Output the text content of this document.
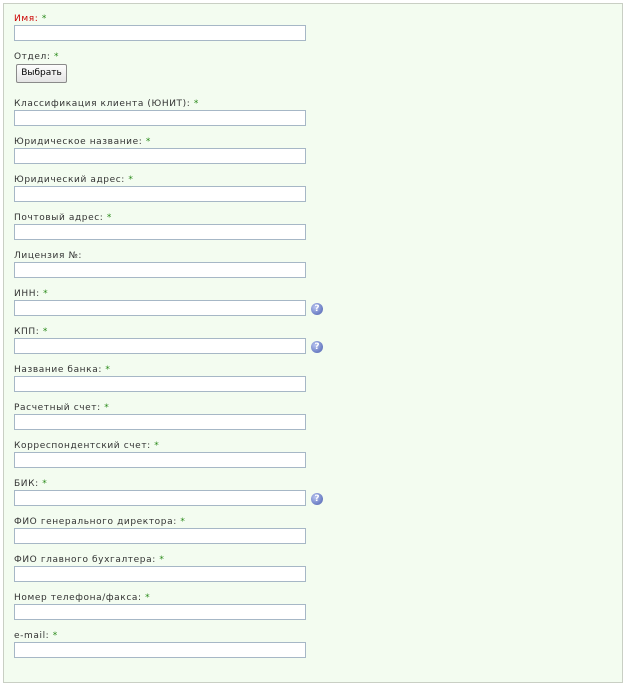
Имя: *
Отдел: *
Выбрать
Классификация клиента (ЮНИТ): *
Юридическое название: *
Юридический адрес: *
Почтовый адрес: *
Лицензия №:
ИНН: *
?
КПП: *
?
Название банка: *
Расчетный счет: *
Корреспондентский счет: *
БИК: *
?
ФИО генерального директора: *
ФИО главного бухгалтера: *
Номер телефона/факса: *
e-mail: *
